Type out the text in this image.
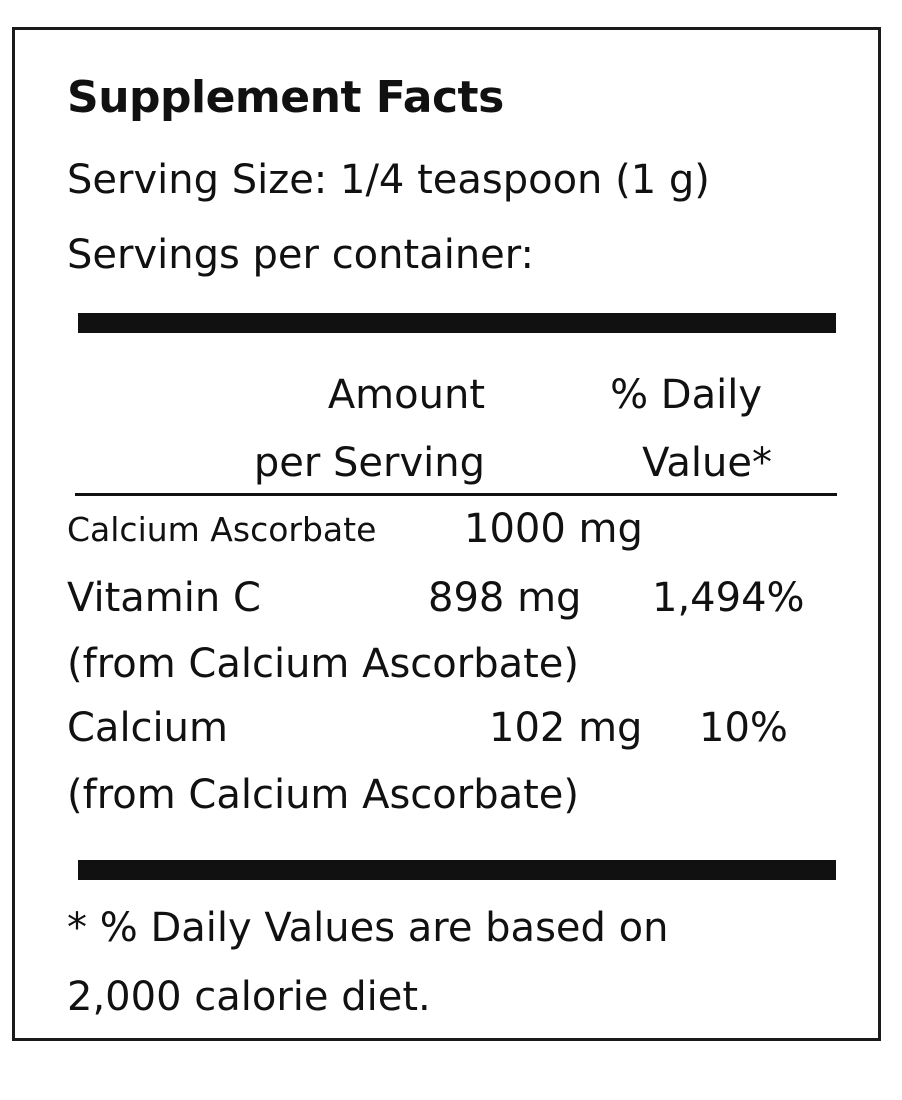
Supplement Facts
Serving Size: 1/4 teaspoon (1 g)
Servings per container:
Amount
per Serving
% Daily
Value*
Calcium Ascorbate 1000 mg
Vitamin C	898 mg 1,494%
(from Calcium Ascorbate)
Calcium	102 mg 10%
(from Calcium Ascorbate)
* % Daily Values are based on
2,000 calorie diet.
